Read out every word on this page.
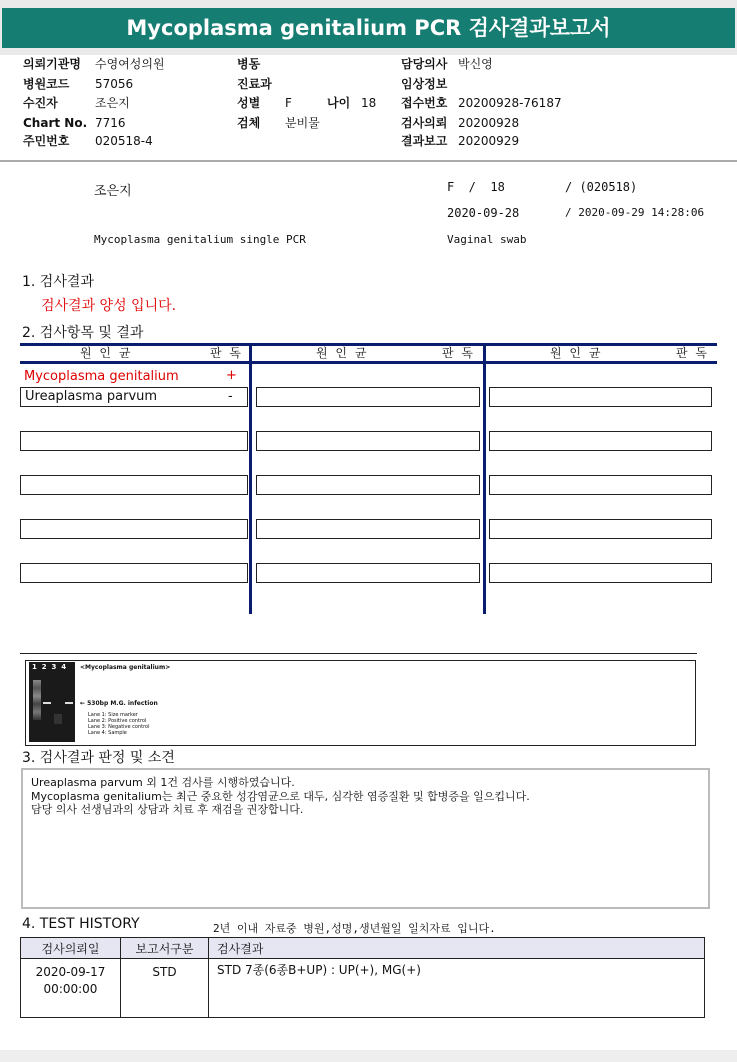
Mycoplasma genitalium PCR 검사결과보고서
의뢰기관명 수영여성의원
병원코드 57056
수진자	조은지
Chart No. 7716
주민번호 020518-4
병동
진료과
성별 F	나이 18
검체 분비물
담당의사 박신영
임상정보
접수번호 20200928-76187
검사의뢰 20200928
결과보고 20200929
조은지	F  /  18	/ (020518)
2020-09-28	/ 2020-09-29 14:28:06
Mycoplasma genitalium single PCR	Vaginal swab
1. 검사결과
검사결과 양성 입니다.
2. 검사항목 및 결과
원 인 균	판 독	원 인 균	판 독	원 인 균	판 독
Mycoplasma genitalium	+
Ureaplasma parvum	-
1 2 3 4 <Mycoplasma genitalium>
← 530bp M.G. infection
Lane 1: Size marker
Lane 2: Positive control
Lane 3: Negative control
Lane 4: Sample
3. 검사결과 판정 및 소견
Ureaplasma parvum 외 1건 검사를 시행하였습니다.
Mycoplasma genitalium는 최근 중요한 성감염균으로 대두, 심각한 염증질환 및 합병증을 일으킵니다.
담당 의사 선생님과의 상담과 치료 후 재검을 권장합니다.
4. TEST HISTORY	2년 이내 자료중 병원,성명,생년월일 일치자료 입니다.
검사의뢰일	보고서구분	검사결과

2020-09-17
00:00:00	STD	STD 7종(6종B+UP) : UP(+), MG(+)
